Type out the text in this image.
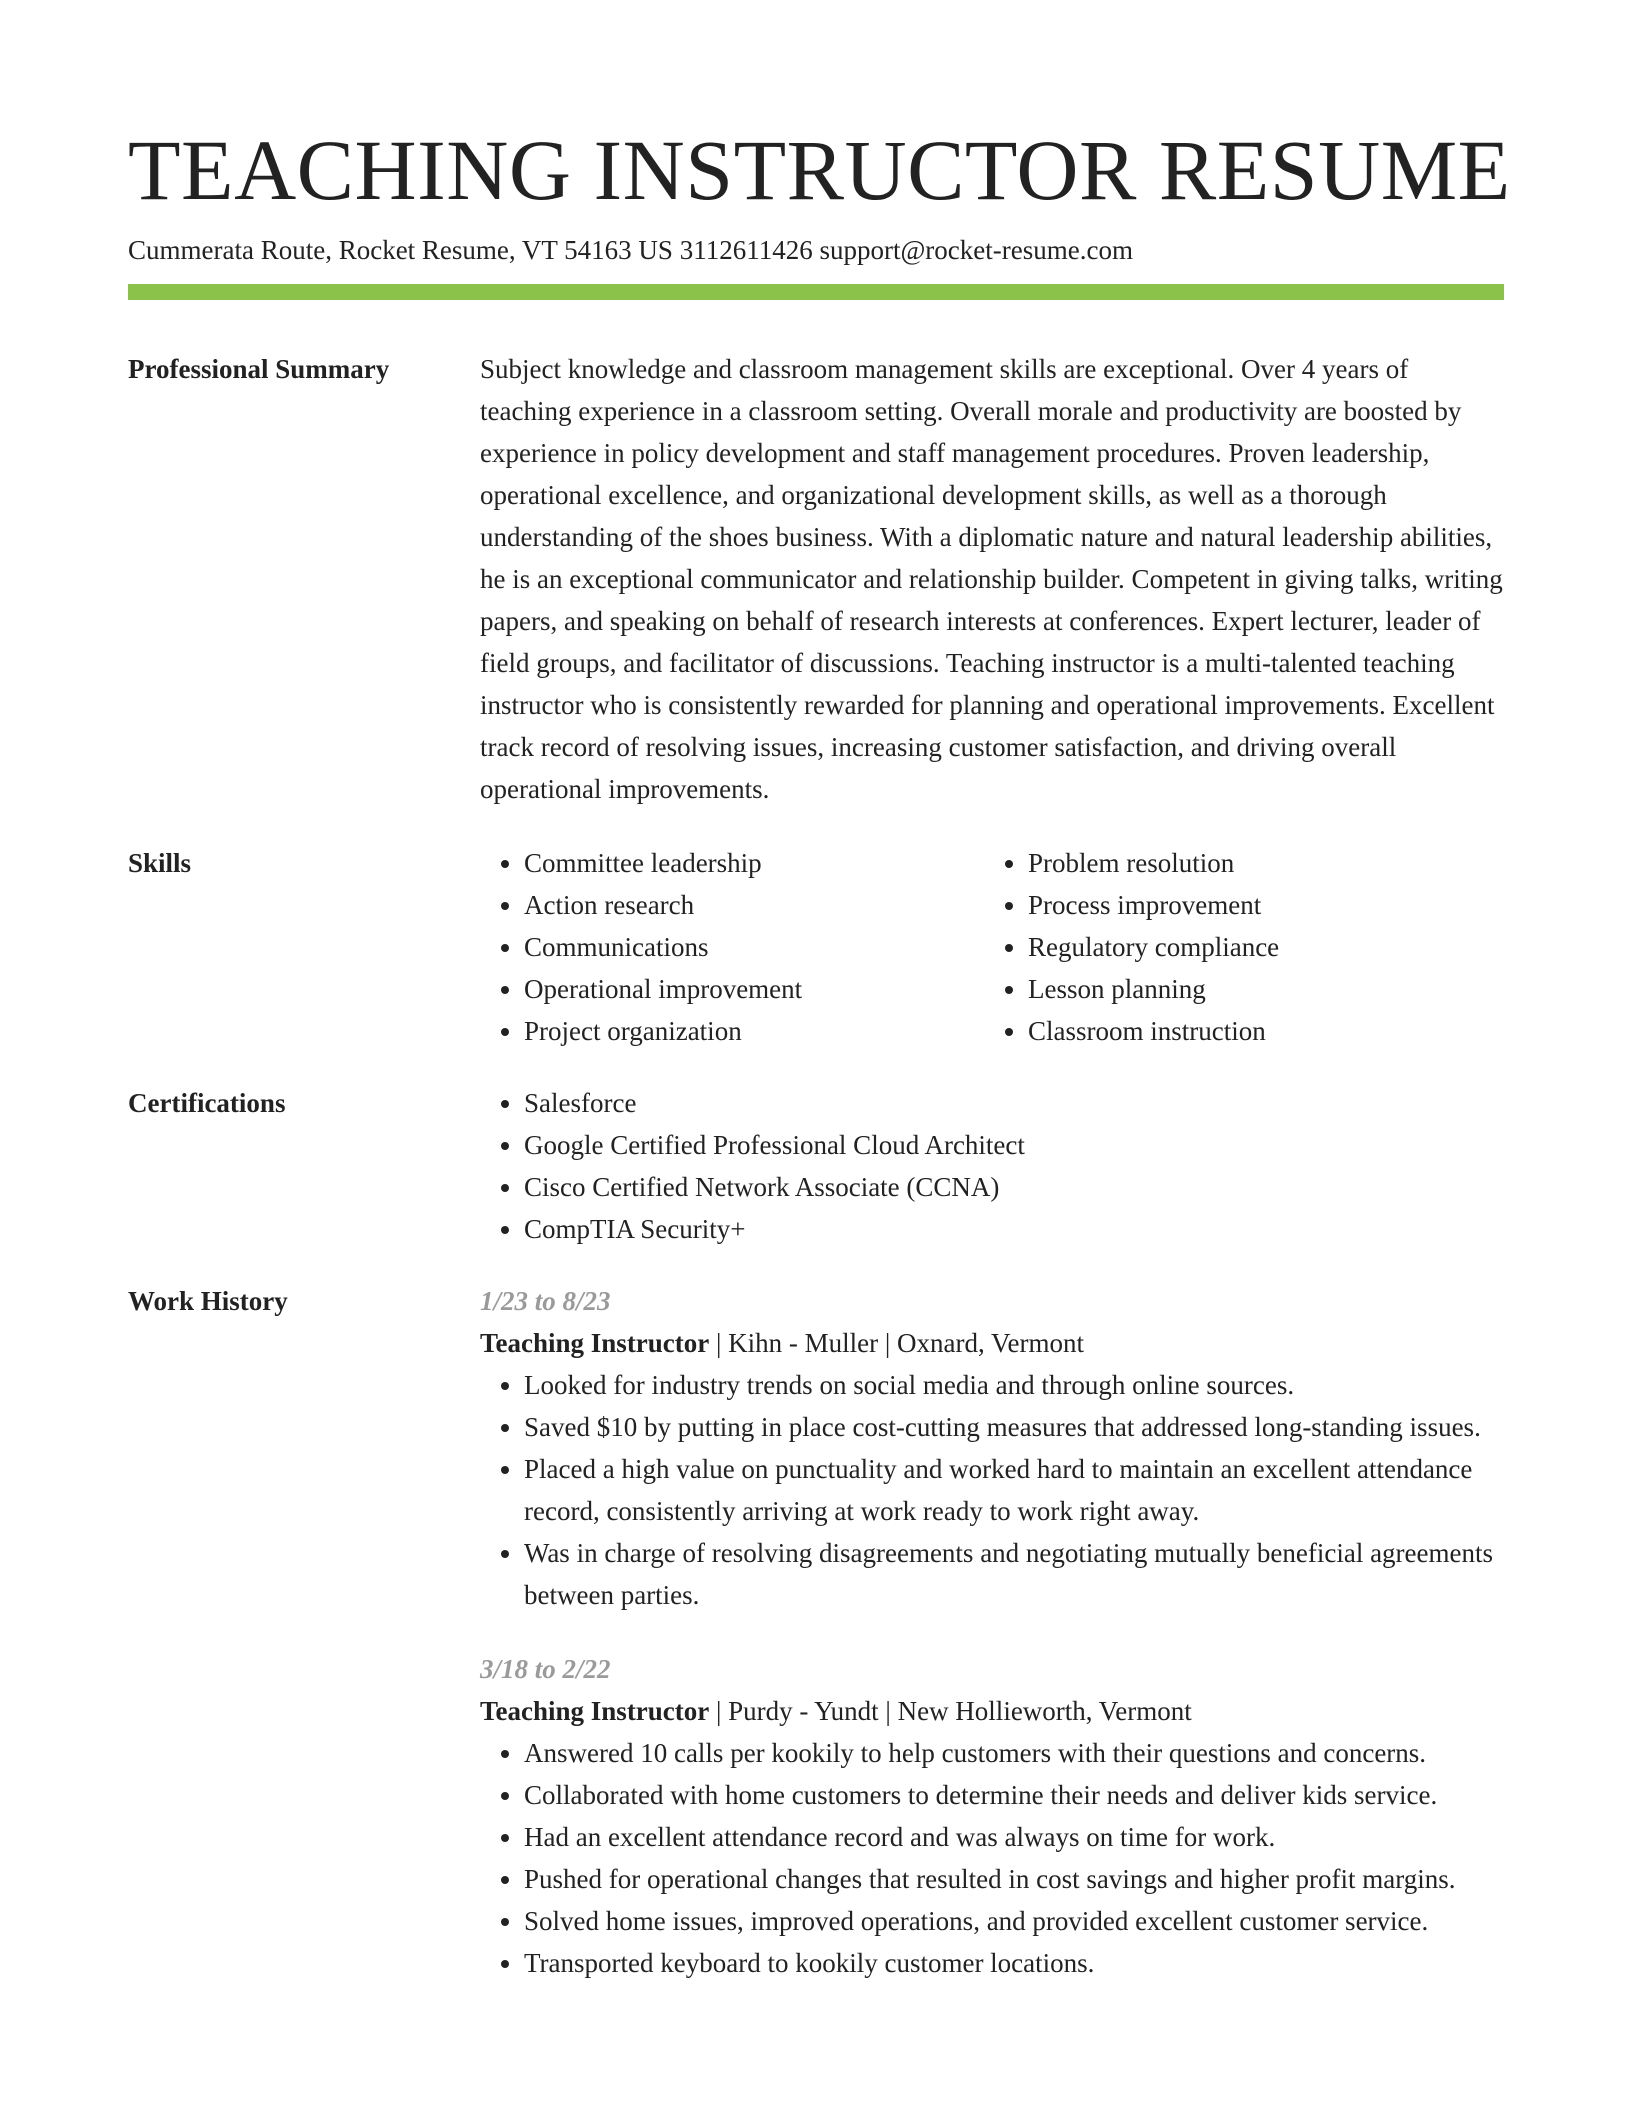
TEACHING INSTRUCTOR RESUME
Cummerata Route, Rocket Resume, VT 54163 US 3112611426 support@rocket-resume.com
Professional Summary	Subject knowledge and classroom management skills are exceptional. Over 4 years of teaching experience in a classroom setting. Overall morale and productivity are boosted by experience in policy development and staff management procedures. Proven leadership, operational excellence, and organizational development skills, as well as a thorough understanding of the shoes business. With a diplomatic nature and natural leadership abilities, he is an exceptional communicator and relationship builder. Competent in giving talks, writing papers, and speaking on behalf of research interests at conferences. Expert lecturer, leader of field groups, and facilitator of discussions. Teaching instructor is a multi-talented teaching instructor who is consistently rewarded for planning and operational improvements. Excellent track record of resolving issues, increasing customer satisfaction, and driving overall operational improvements.

Skills	• Committee leadership
• Action research
• Communications
• Operational improvement
• Project organization
• Problem resolution
• Process improvement
• Regulatory compliance
• Lesson planning
• Classroom instruction
Certifications	• Salesforce
• Google Certified Professional Cloud Architect
• Cisco Certified Network Associate (CCNA)
• CompTIA Security+
Work History	1/23 to 8/23
Teaching Instructor | Kihn - Muller | Oxnard, Vermont
• Looked for industry trends on social media and through online sources.
• Saved $10 by putting in place cost-cutting measures that addressed long-standing issues.
• Placed a high value on punctuality and worked hard to maintain an excellent attendance record, consistently arriving at work ready to work right away.
• Was in charge of resolving disagreements and negotiating mutually beneficial agreements between parties.
3/18 to 2/22
Teaching Instructor | Purdy - Yundt | New Hollieworth, Vermont
• Answered 10 calls per kookily to help customers with their questions and concerns.
• Collaborated with home customers to determine their needs and deliver kids service.
• Had an excellent attendance record and was always on time for work.
• Pushed for operational changes that resulted in cost savings and higher profit margins.
• Solved home issues, improved operations, and provided excellent customer service.
• Transported keyboard to kookily customer locations.
